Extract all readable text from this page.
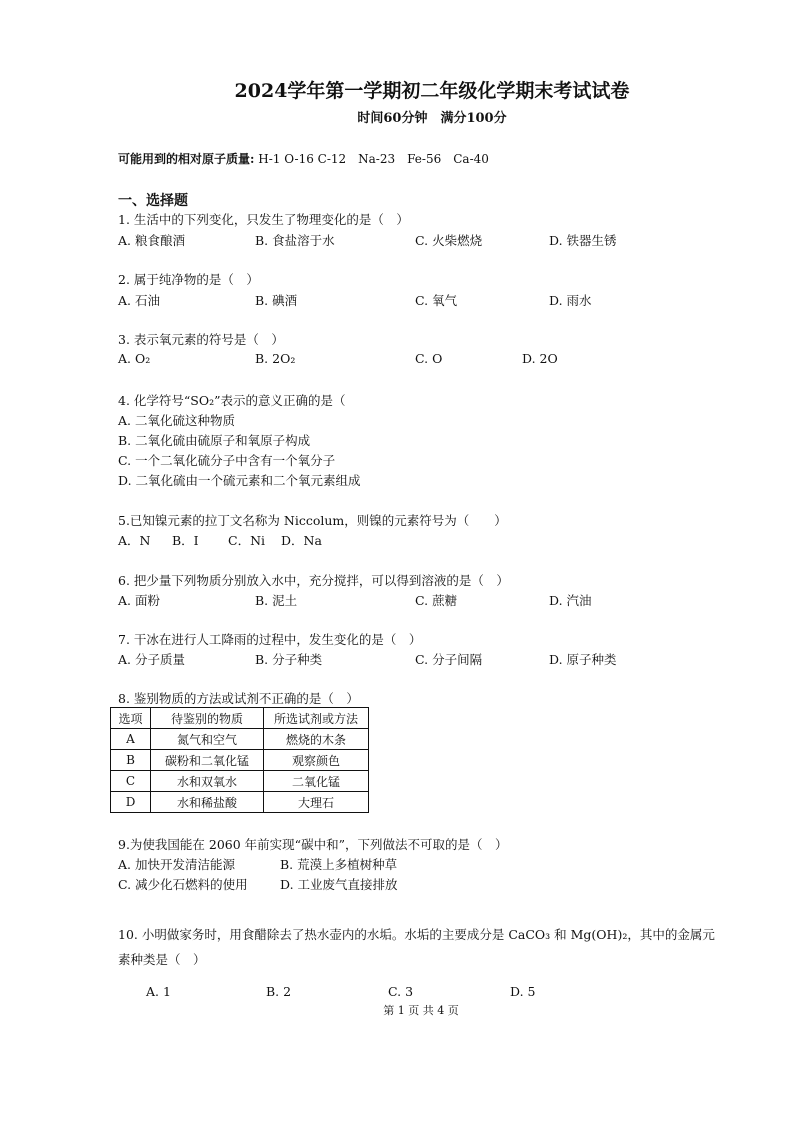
2024学年第一学期初二年级化学期末考试试卷
时间60分钟　满分100分
可能用到的相对原子质量: H-1 O-16 C-12　Na-23　Fe-56　Ca-40
一、选择题
1. 生活中的下列变化，只发生了物理变化的是（　）
A. 粮食酿酒	B. 食盐溶于水	C. 火柴燃烧	D. 铁器生锈
2. 属于纯净物的是（　）
A. 石油	B. 碘酒	C. 氧气	D. 雨水
3. 表示氧元素的符号是（　）
A. O₂	B. 2O₂	C. O	D. 2O
4. 化学符号“SO₂”表示的意义正确的是（
A. 二氧化硫这种物质
B. 二氧化硫由硫原子和氧原子构成
C. 一个二氧化硫分子中含有一个氧分子
D. 二氧化硫由一个硫元素和二个氧元素组成
5.已知镍元素的拉丁文名称为 Niccolum，则镍的元素符号为（　　）
A．N B．I C．Ni D．Na
6. 把少量下列物质分别放入水中，充分搅拌，可以得到溶液的是（　）
A. 面粉	B. 泥土	C. 蔗糖	D. 汽油
7. 干冰在进行人工降雨的过程中，发生变化的是（　）
A. 分子质量	B. 分子种类	C. 分子间隔	D. 原子种类
8. 鉴别物质的方法或试剂不正确的是（　）
选项	待鉴别的物质	所选试剂或方法
A	氮气和空气	燃烧的木条
B	碳粉和二氧化锰	观察颜色
C	水和双氧水	二氧化锰
D	水和稀盐酸	大理石
9.为使我国能在 2060 年前实现“碳中和”，下列做法不可取的是（　）
A. 加快开发清洁能源	B. 荒漠上多植树种草
C. 减少化石燃料的使用	D. 工业废气直接排放
10. 小明做家务时，用食醋除去了热水壶内的水垢。水垢的主要成分是 CaCO₃ 和 Mg(OH)₂，其中的金属元
素种类是（　）
A. 1	B. 2	C. 3	D. 5
第 1 页 共 4 页
